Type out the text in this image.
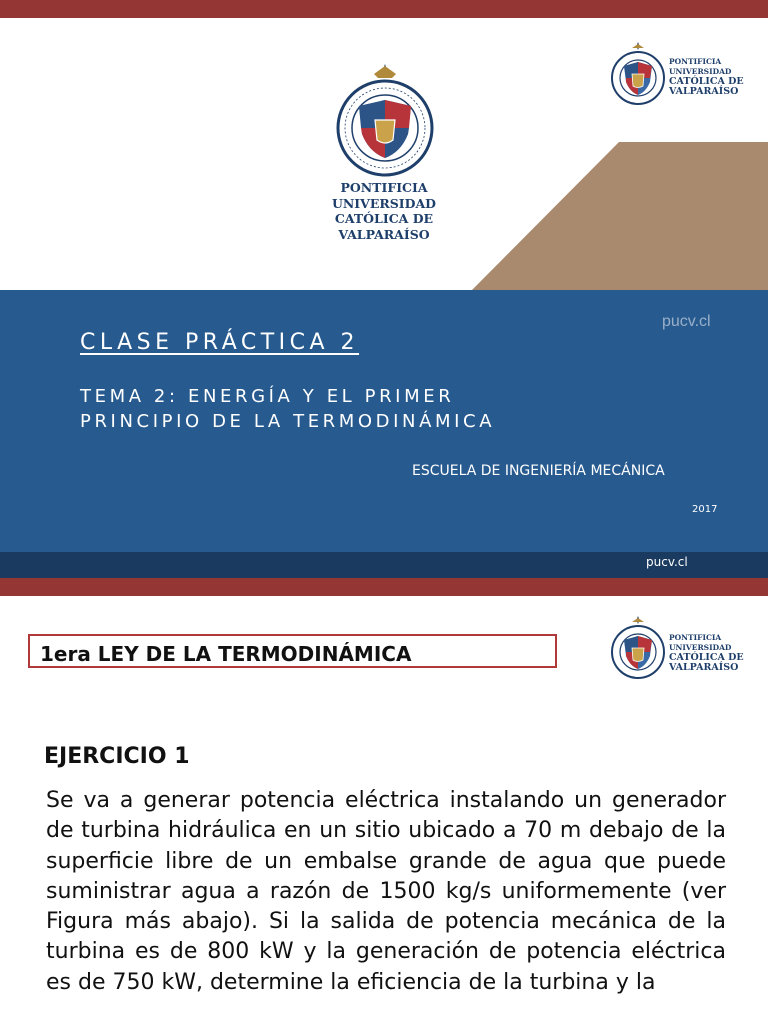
PONTIFICIA
UNIVERSIDAD
CATÓLICA DE
VALPARAÍSO
PONTIFICIA
UNIVERSIDAD
CATÓLICA DE
VALPARAÍSO
pucv.cl
CLASE PRÁCTICA 2
TEMA 2: ENERGÍA Y EL PRIMER
PRINCIPIO DE LA TERMODINÁMICA
ESCUELA DE INGENIERÍA MECÁNICA
2017
pucv.cl
1era LEY DE LA TERMODINÁMICA
PONTIFICIA
UNIVERSIDAD
CATÓLICA DE
VALPARAÍSO
EJERCICIO 1
Se va a generar potencia eléctrica instalando un generador de turbina hidráulica en un sitio ubicado a 70 m debajo de la superficie libre de un embalse grande de agua que puede suministrar agua a razón de 1500 kg/s uniformemente (ver Figura más abajo). Si la salida de potencia mecánica de la turbina es de 800 kW y la generación de potencia eléctrica es de 750 kW, determine la eficiencia de la turbina y la
